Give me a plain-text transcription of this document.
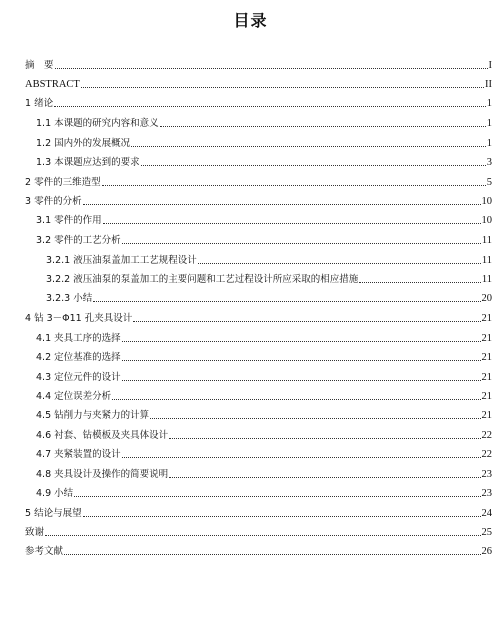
目录
摘　要	I
ABSTRACT	II
1 绪论	1
1.1 本课题的研究内容和意义	1
1.2 国内外的发展概况	1
1.3 本课题应达到的要求	3
2 零件的三维造型	5
3 零件的分析	10
3.1 零件的作用	10
3.2 零件的工艺分析	11
3.2.1 液压油泵盖加工工艺规程设计	11
3.2.2 液压油泵的泵盖加工的主要问题和工艺过程设计所应采取的相应措施	11
3.2.3 小结	20
4 钻 3－Φ11 孔夹具设计	21
4.1 夹具工序的选择	21
4.2 定位基准的选择	21
4.3 定位元件的设计	21
4.4 定位误差分析	21
4.5 钻削力与夹紧力的计算	21
4.6 衬套、钻模板及夹具体设计	22
4.7 夹紧装置的设计	22
4.8 夹具设计及操作的简要说明	23
4.9 小结	23
5 结论与展望	24
致谢	25
参考文献	26
